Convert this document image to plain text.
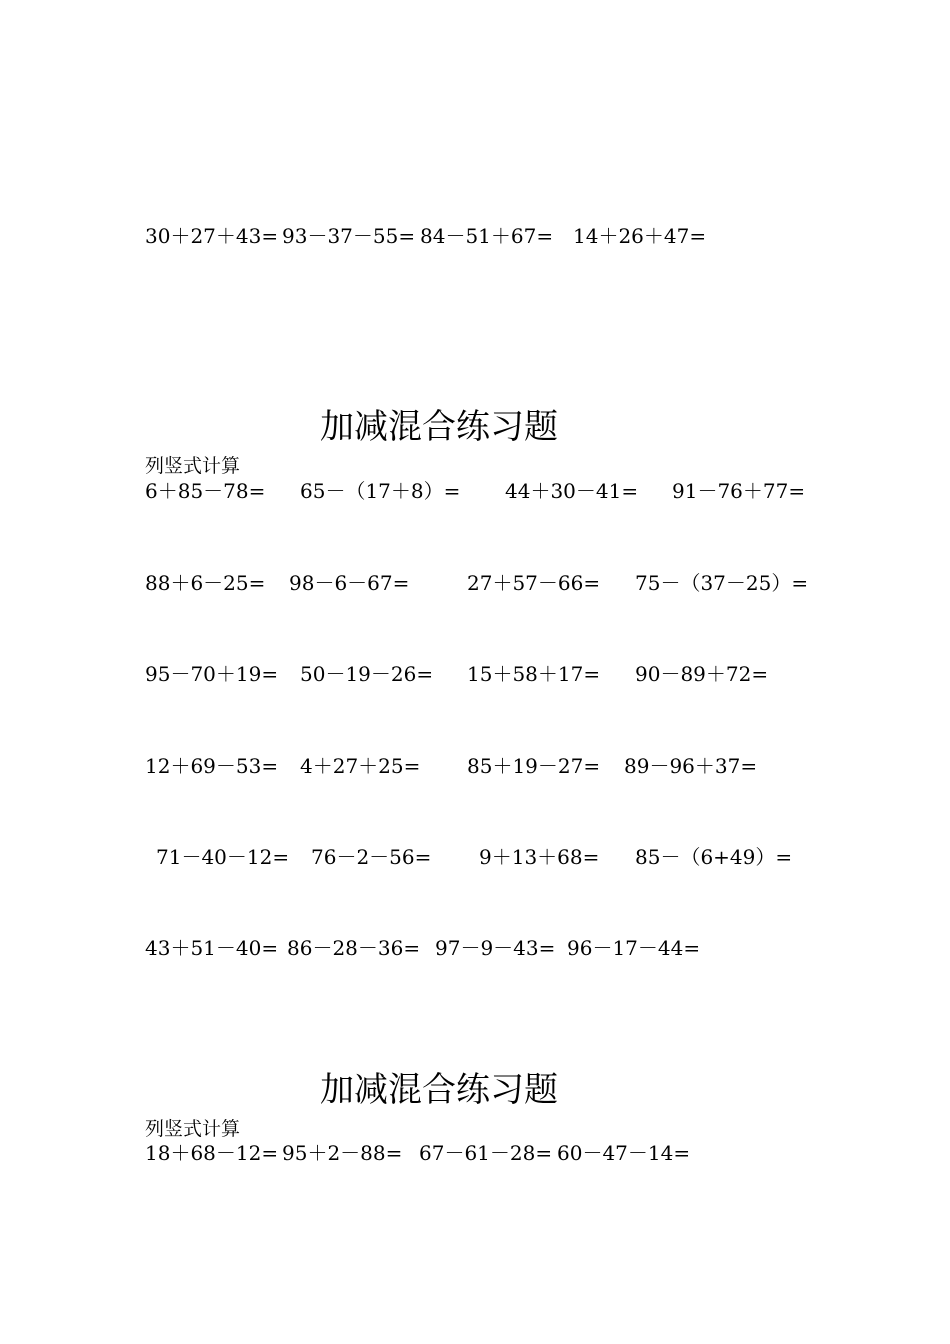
30＋27＋43= 93－37－55= 84－51＋67= 14＋26＋47=
加减混合练习题
列竖式计算
6＋85－78= 65－（17＋8）= 44＋30－41= 91－76＋77=
88＋6－25= 98－6－67=	27＋57－66= 75－（37－25）=
95－70＋19= 50－19－26= 15＋58＋17= 90－89＋72=
12＋69－53= 4＋27＋25= 85＋19－27= 89－96＋37=
71－40－12= 76－2－56= 9＋13＋68= 85－（6+49）=
43＋51－40= 86－28－36= 97－9－43= 96－17－44=
加减混合练习题
列竖式计算
18＋68－12= 95＋2－88= 67－61－28= 60－47－14=
